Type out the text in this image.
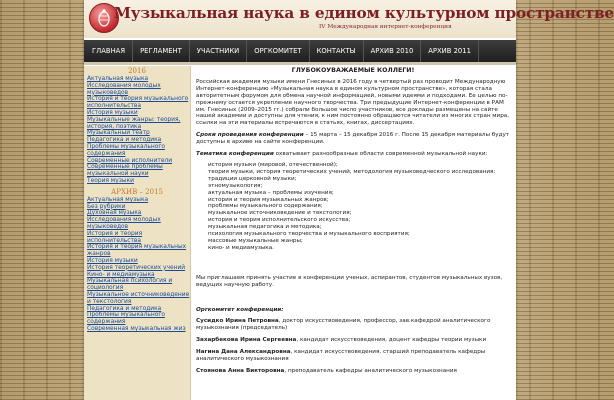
Музыкальная наука в едином культурном пространстве
IV Международная интернет-конференция
ГЛАВНАЯ	РЕГЛАМЕНТ	УЧАСТНИКИ	ОРГКОМИТЕТ	КОНТАКТЫ	АРХИВ 2010	АРХИВ 2011
2016
Актуальная музыка
Исследования молодых музыковедов
История и теория музыкального исполнительства
История музыки
Музыкальные жанры: теория, история, поэтика
Музыкальный театр
Педагогика и методика
Проблемы музыкального содержания
Современные исполнители
Современные проблемы музыкальной науки
Теория музыки
АРХИВ – 2015
Актуальная музыка
Без рубрики
Духовная музыка
Исследования молодых музыковедов
История и теория исполнительства
История и теория музыкальных жанров
История музыки
История теоретических учений
Кино- и медиамузыка
Музыкальная психология и социология
Музыкальное источниковедение и текстология
Педагогика и методика
Проблемы музыкального содержания
Современная музыкальная жиз
ГЛУБОКОУВАЖАЕМЫЕ КОЛЛЕГИ!

Российская академия музыки имени Гнесиных в 2016 году в четвертый раз проводит Международную Интернет-конференцию «Музыкальная наука в едином культурном пространстве», которая стала авторитетным форумом для обмена научной информацией, новыми идеями и подходами. Ее целью по-прежнему остается укрепление научного творчества. Три предыдущие Интернет-конференции в РАМ им. Гнесиных (2009–2015 гг.) собрали большое число участников, все доклады размещены на сайте нашей академии и доступны для чтения, к ним постоянно обращаются читатели из многих стран мира, ссылки на эти материалы встречаются в статьях, книгах, диссертациях.

Сроки проведения конференции – 15 марта – 15 декабря 2016 г. После 15 декабря материалы будут доступны в архиве на сайте конференции.

Тематика конференции охватывает разнообразные области современной музыкальной науки:

история музыки (мировой, отечественной);
теория музыки, история теоретических учений, методология музыковедческого исследования;
традиции церковной музыки;
этномузыкология;
актуальная музыка – проблемы изучения;
история и теория музыкальных жанров;
проблемы музыкального содержания;
музыкальное источниковедение и текстология;
история и теория исполнительского искусства;
музыкальная педагогика и методика;
психология музыкального творчества и музыкального восприятия;
массовые музыкальные жанры;
кино- и медиамузыка.

Мы приглашаем принять участие в конференции ученых, аспирантов, студентов музыкальных вузов, ведущих научную работу.

Оргкомитет конференции:

Сусидко Ирина Петровна, доктор искусствоведения, профессор, зав.кафедрой аналитического музыкознания (председатель)
Захарбекова Ирина Сергеевна, кандидат искусствоведения, доцент кафедры теории музыки
Нагина Дана Александровна, кандидат искусствоведения, старший преподаватель кафедры аналитического музыкознания
Стоянова Анна Викторовна, преподаватель кафедры аналитического музыкознания
